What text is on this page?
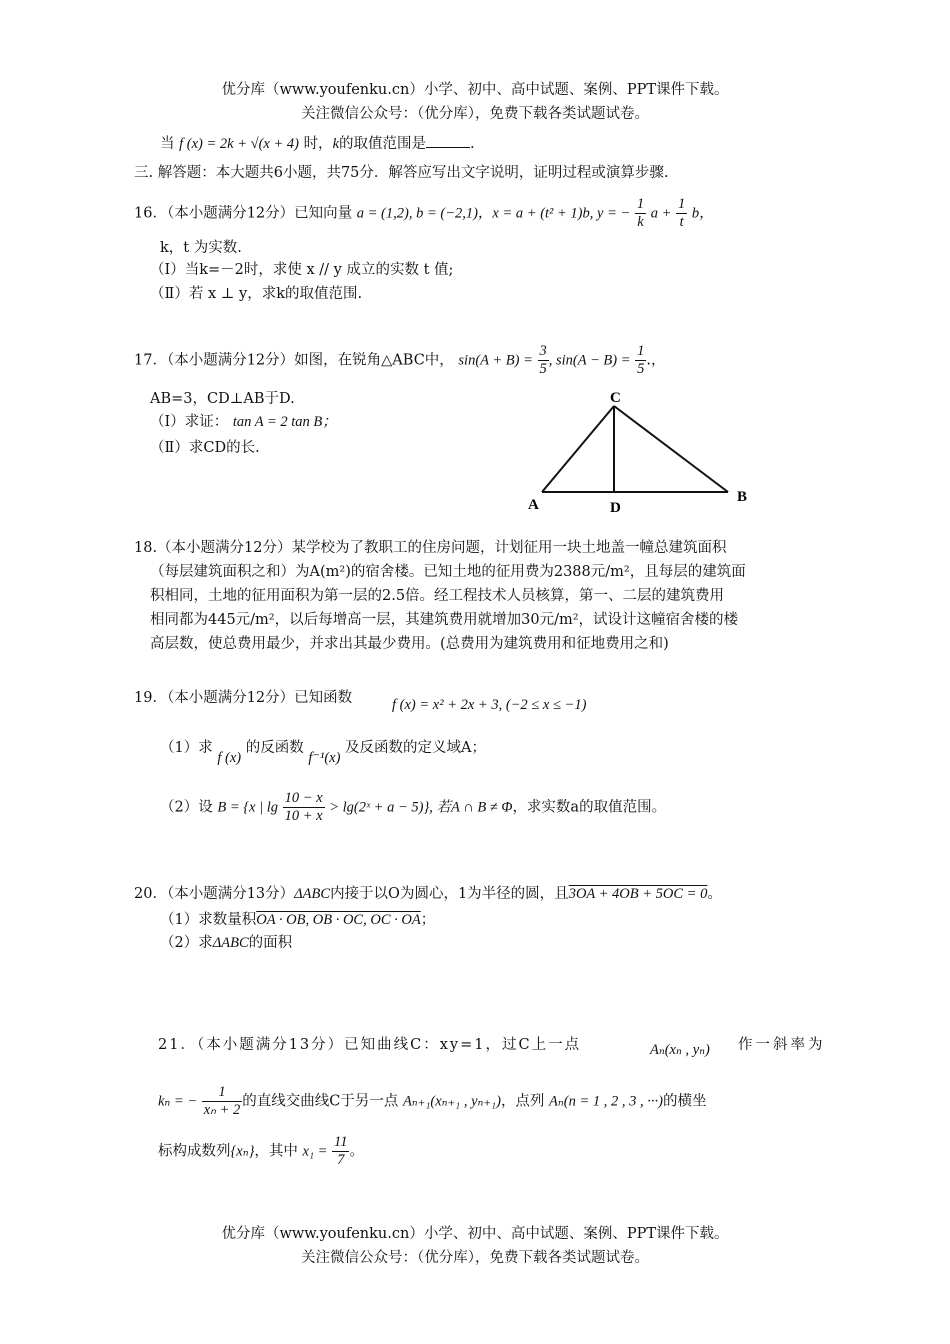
优分库（www.youfenku.cn）小学、初中、高中试题、案例、PPT课件下载。
关注微信公众号：（优分库），免费下载各类试题试卷。
当 f (x) = 2k + √(x + 4) 时，k的取值范围是	.
三. 解答题：本大题共6小题，共75分．解答应写出文字说明，证明过程或演算步骤.
16．（本小题满分12分）已知向量 a = (1,2), b = (−2,1)，x = a + (t² + 1)b, y = − $\frac{1}{k}$ $a + \frac{1}{t}$ b，
k，t 为实数.
（Ⅰ）当k=－2时，求使 x // y 成立的实数 t 值;
（Ⅱ）若 x ⊥ y，求k的取值范围.
17．（本小题满分12分）如图，在锐角△ABC中， $\sin(A + B) = \frac{3}{5}$ , $\sin(A - B) = \frac{1}{5}$ .，
AB=3，CD⊥AB于D.
（Ⅰ）求证： tan A = 2 tan B；
（Ⅱ）求CD的长.
C
A	D
B
18.（本小题满分12分）某学校为了教职工的住房问题，计划征用一块土地盖一幢总建筑面积
（每层建筑面积之和）为A(m²)的宿舍楼。已知土地的征用费为2388元/m²，且每层的建筑面
积相同，土地的征用面积为第一层的2.5倍。经工程技术人员核算，第一、二层的建筑费用
相同都为445元/m²，以后每增高一层，其建筑费用就增加30元/m²，试设计这幢宿舍楼的楼
高层数，使总费用最少，并求出其最少费用。(总费用为建筑费用和征地费用之和)
19．（本小题满分12分）已知函数	f (x) = x² + 2x + 3, (−2 ≤ x ≤ −1)
（1）求 f (x) 的反函数 f⁻¹(x) 及反函数的定义域A；
（2）设 B = {x | $\lg \frac{10 - x}{10 + x}$ > lg(2ˣ + a − 5)}, 若A ∩ B ≠ Φ，求实数a的取值范围。
20．（本小题满分13分）ΔABC内接于以O为圆心，1为半径的圆，且3OA + 4OB + 5OC = 0。
（1）求数量积OA · OB, OB · OC, OC · OA；
（2）求ΔABC的面积
21．（本小题满分13分）已知曲线C：xy=1，过C上一点	Aₙ(xₙ , yₙ) 作一斜率为
kₙ = − $\frac{1}{\text{xₙ + 2}}$ 的直线交曲线C于另一点 Aₙ₊₁(xₙ₊₁ , yₙ₊₁)，点列 Aₙ(n = 1 , 2 , 3 , ···)的横坐
标构成数列{xₙ}，其中 $x_1 = \frac{11}{7}$ 。
优分库（www.youfenku.cn）小学、初中、高中试题、案例、PPT课件下载。
关注微信公众号：（优分库），免费下载各类试题试卷。
